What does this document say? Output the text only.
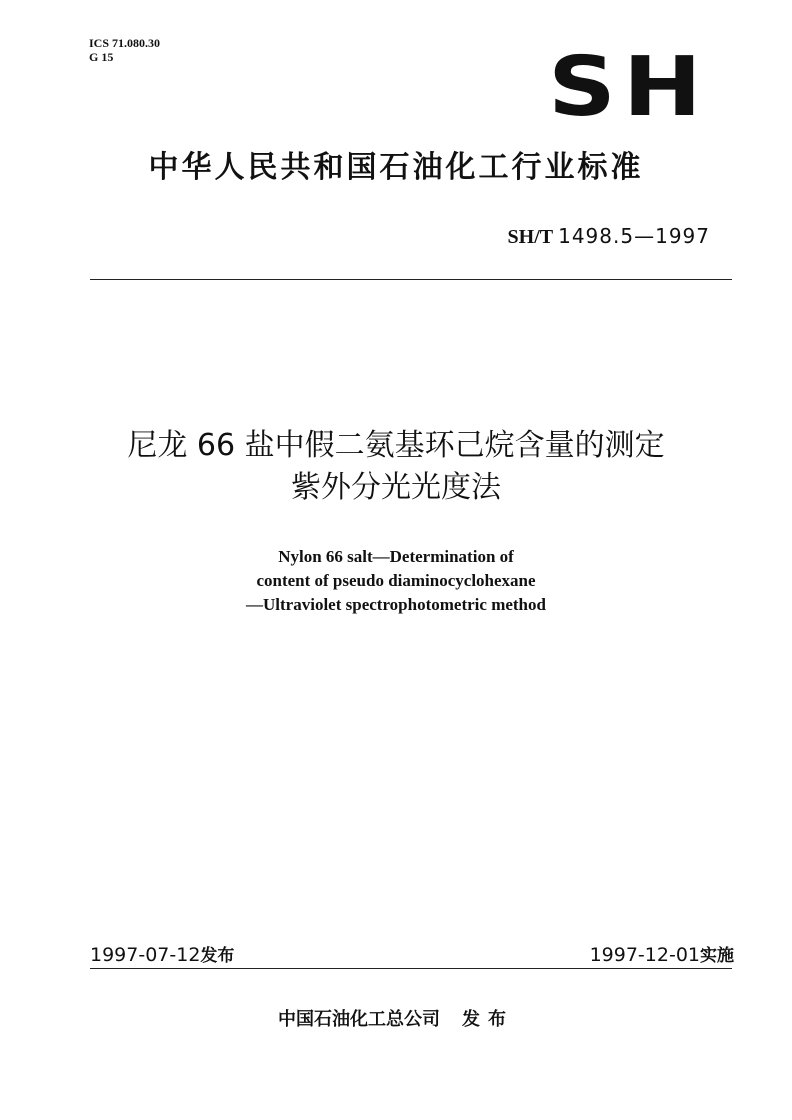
ICS 71.080.30
G 15	SH
中华人民共和国石油化工行业标准
SH/T 1498.5—1997
尼龙 66 盐中假二氨基环己烷含量的测定
紫外分光光度法
Nylon 66 salt—Determination of
content of pseudo diaminocyclohexane
—Ultraviolet spectrophotometric method
1997-07-12发布	1997-12-01实施
中国石油化工总公司 发布
